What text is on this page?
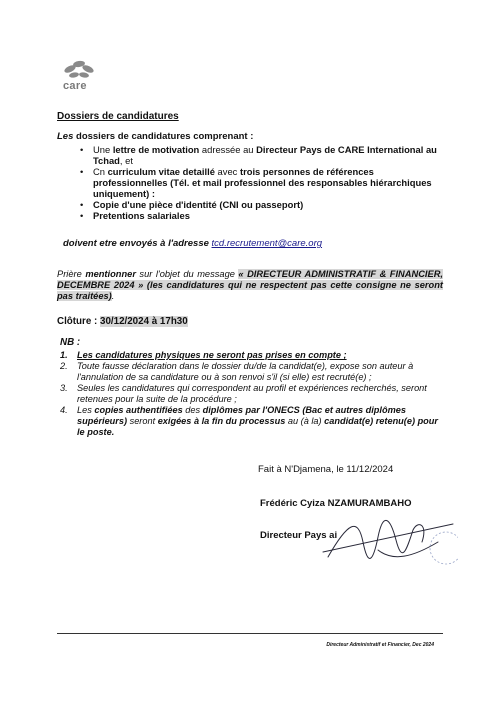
care
Dossiers de candidatures
Les dossiers de candidatures comprenant :
• Une lettre de motivation adressée au Directeur Pays de CARE International au Tchad, et
• Cn curriculum vitae detaillé avec trois personnes de références professionnelles (Tél. et mail professionnel des responsables hiérarchiques uniquement) :
• Copie d'une pièce d'identité (CNI ou passeport)
• Pretentions salariales
doivent etre envoyés à l'adresse tcd.recrutement@care.org
Prière mentionner sur l'objet du message « DIRECTEUR ADMINISTRATIF & FINANCIER, DECEMBRE 2024 » (les candidatures qui ne respectent pas cette consigne ne seront pas traitées).
Clôture : 30/12/2024 à 17h30
NB :
1. Les candidatures physiques ne seront pas prises en compte ;
2. Toute fausse déclaration dans le dossier du/de la candidat(e), expose son auteur à l'annulation de sa candidature ou à son renvoi s'il (si elle) est recruté(e) ;
3. Seules les candidatures qui correspondent au profil et expériences recherchés, seront retenues pour la suite de la procédure ;
4. Les copies authentifiées des diplômes par l'ONECS (Bac et autres diplômes supérieurs) seront exigées à la fin du processus au (à la) candidat(e) retenu(e) pour le poste.
Fait à N'Djamena, le 11/12/2024
Frédéric Cyiza NZAMURAMBAHO
Directeur Pays ai
Directeur Administratif et Financier, Dec 2024
